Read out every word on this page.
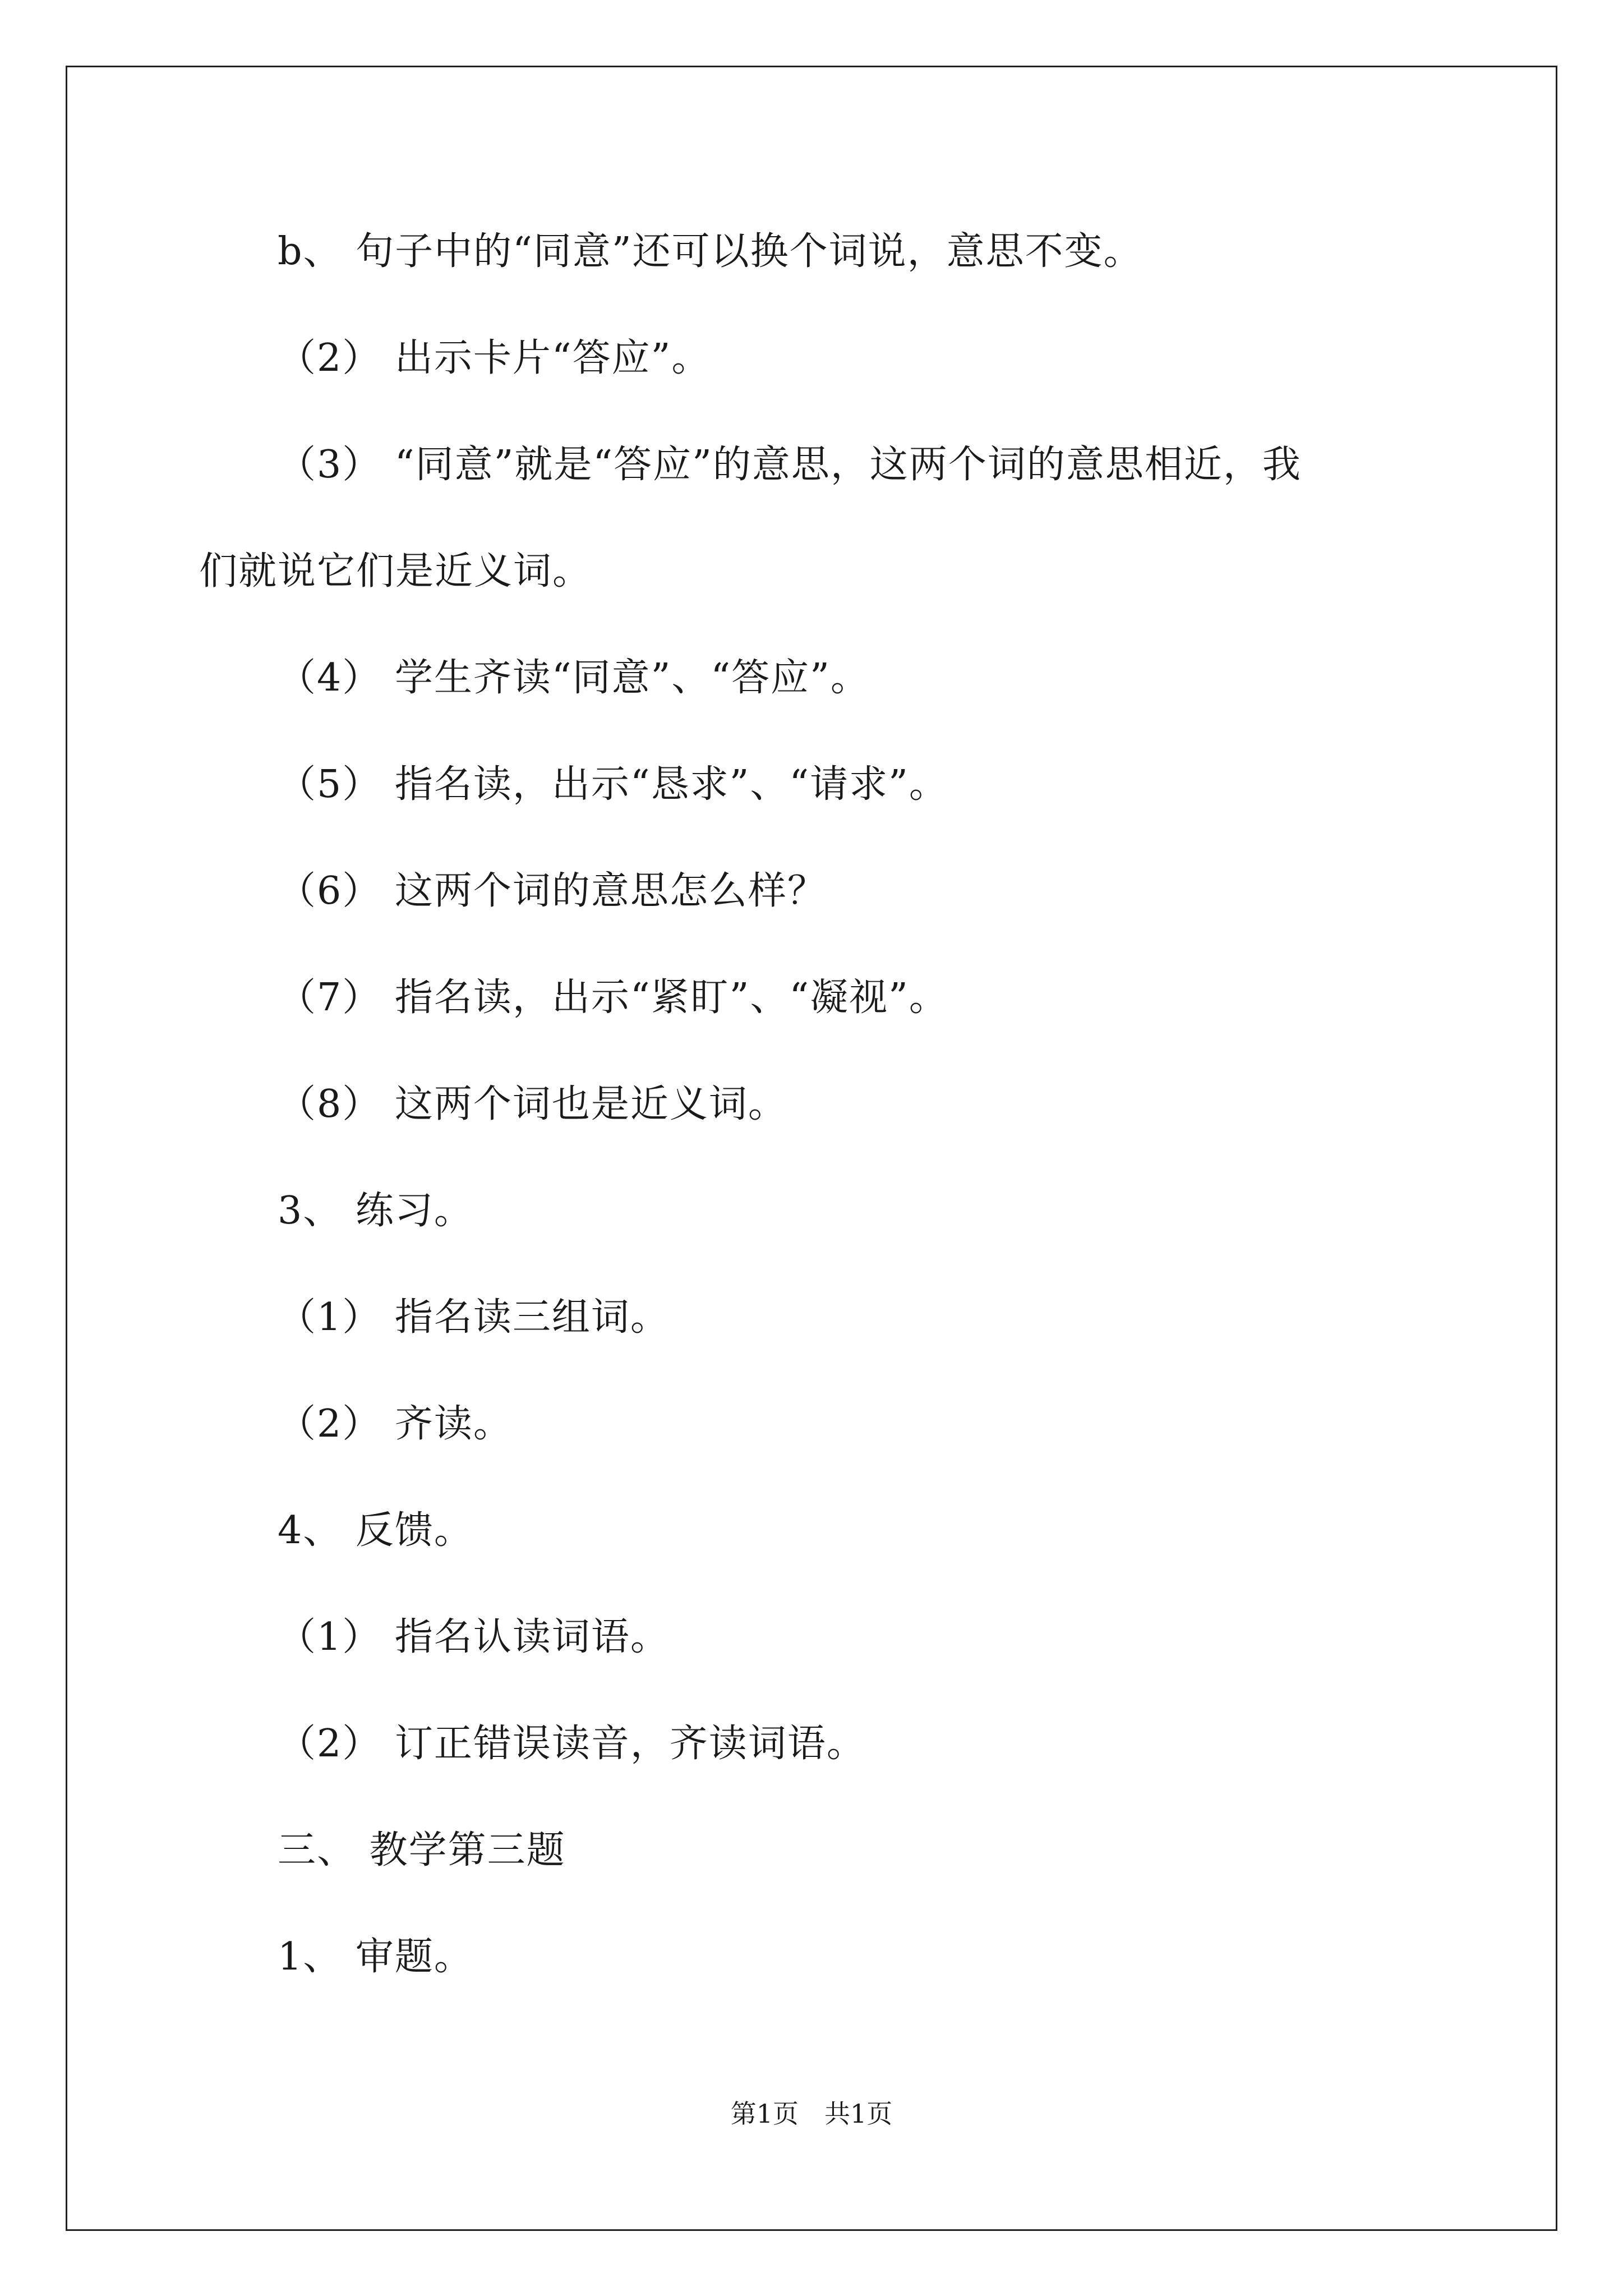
b、 句子中的“同意”还可以换个词说，意思不变。
（2） 出示卡片“答应”。
（3） “同意”就是“答应”的意思，这两个词的意思相近，我
们就说它们是近义词。
（4） 学生齐读“同意”、“答应”。
（5） 指名读，出示“恳求”、“请求”。
（6） 这两个词的意思怎么样？
（7） 指名读，出示“紧盯”、“凝视”。
（8） 这两个词也是近义词。
3、 练习。
（1） 指名读三组词。
（2） 齐读。
4、 反馈。
（1） 指名认读词语。
（2） 订正错误读音，齐读词语。
三、 教学第三题
1、 审题。
第1页　共1页
